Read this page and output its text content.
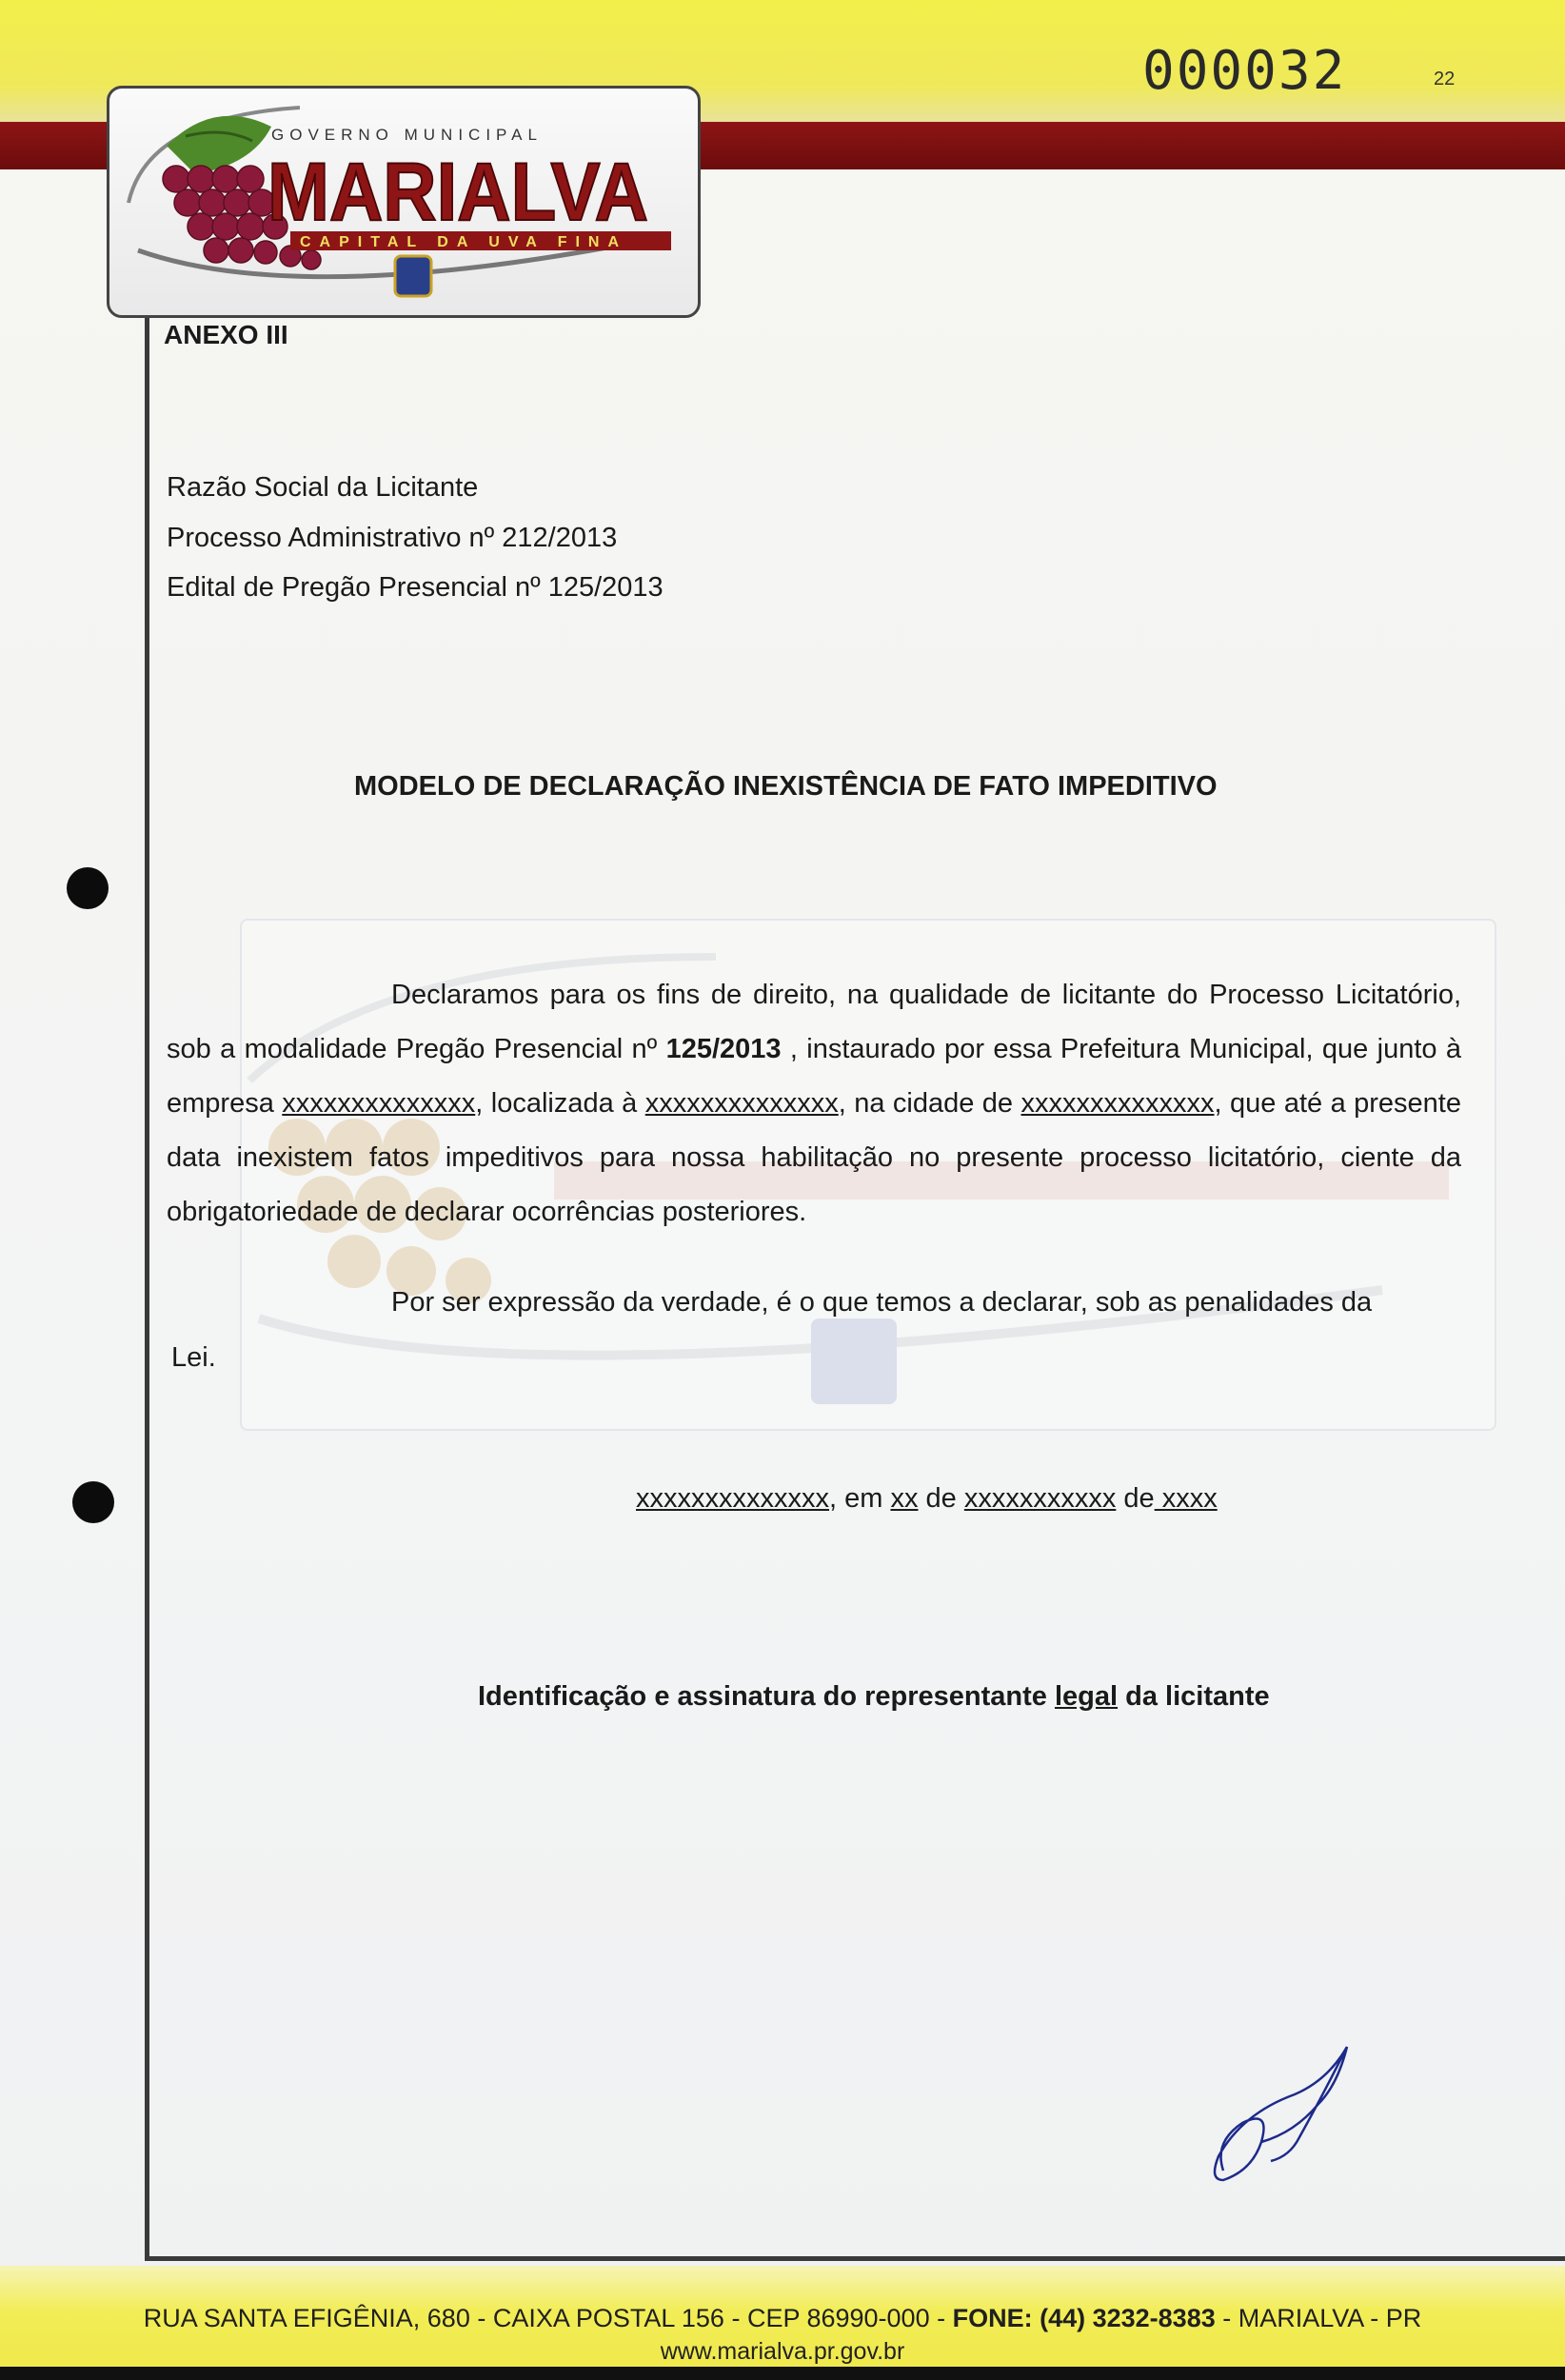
000032	22
GOVERNO MUNICIPAL
MARIALVA
CAPITAL DA UVA FINA
ANEXO III
Razão Social da Licitante
Processo Administrativo nº 212/2013
Edital de Pregão Presencial nº 125/2013
MODELO DE DECLARAÇÃO INEXISTÊNCIA DE FATO IMPEDITIVO
Declaramos para os fins de direito, na qualidade de licitante do Processo Licitatório, sob a modalidade Pregão Presencial nº 125/2013 , instaurado por essa Prefeitura Municipal, que junto à empresa xxxxxxxxxxxxxx, localizada à xxxxxxxxxxxxxx, na cidade de xxxxxxxxxxxxxx, que até a presente data inexistem fatos impeditivos para nossa habilitação no presente processo licitatório, ciente da obrigatoriedade de declarar ocorrências posteriores.
Por ser expressão da verdade, é o que temos a declarar, sob as penalidades da
Lei.
xxxxxxxxxxxxxx, em xx de xxxxxxxxxxx de xxxx
Identificação e assinatura do representante legal da licitante
RUA SANTA EFIGÊNIA, 680 - CAIXA POSTAL 156 - CEP 86990-000 - FONE: (44) 3232-8383 - MARIALVA - PR
www.marialva.pr.gov.br
